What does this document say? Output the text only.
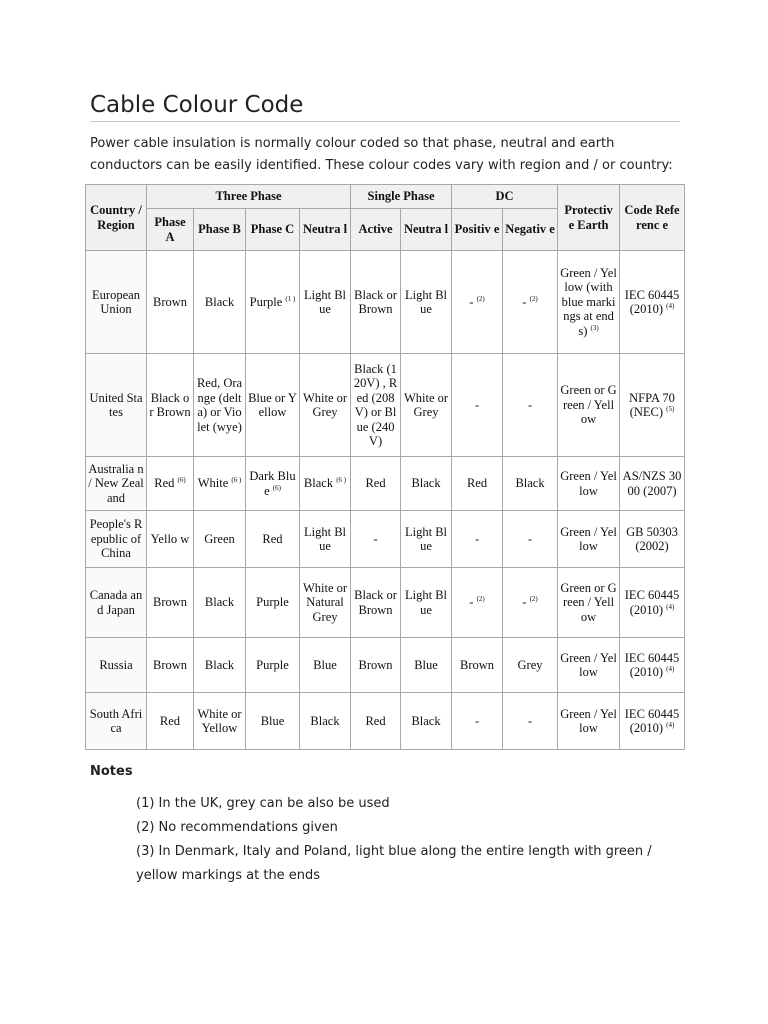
Cable Colour Code

Power cable insulation is normally colour coded so that phase, neutral and earth conductors can be easily identified. These colour codes vary with region and / or country:

Country / Region	Three Phase				Single Phase		DC		Protectiv e Earth	Code Referenc e
	Phase A	Phase B	Phase C	Neutra l	Active	Neutra l	Positiv e	Negativ e		
European Union	Brown	Black	Purple $^{(1 )}$	Light Blue	Black or Brown	Light Blue	- $^{(2)}$	- $^{(2)}$	Green / Yellow (with blue markings at ends) $^{(3)}$	IEC 60445 (2010) $^{(4)}$
United States	Black or Brown	Red, Orange (delta) or Violet (wye)	Blue or Yellow	White or Grey	Black (120V) , Red (208V) or Blue (240V)	White or Grey	-	-	Green or Green / Yellow	NFPA 70 (NEC) $^{(5)}$
Australia n / New Zealand	Red $^{(6)}$	White $^{(6 )}$	Dark Blue $^{(6)}$	Black $^{(6 )}$	Red	Black	Red	Black	Green / Yellow	AS/NZS 3000 (2007)
People's Republic of China	Yello w	Green	Red	Light Blue	-	Light Blue	-	-	Green / Yellow	GB 50303 (2002)
Canada and Japan	Brown	Black	Purple	White or Natural Grey	Black or Brown	Light Blue	- $^{(2)}$	- $^{(2)}$	Green or Green / Yellow	IEC 60445 (2010) $^{(4)}$
Russia	Brown	Black	Purple	Blue	Brown	Blue	Brown	Grey	Green / Yellow	IEC 60445 (2010) $^{(4)}$
South Africa	Red	White or Yellow	Blue	Black	Red	Black	-	-	Green / Yellow	IEC 60445 (2010) $^{(4)}$
Notes
(1) In the UK, grey can be also be used
(2) No recommendations given
(3) In Denmark, Italy and Poland, light blue along the entire length with green / yellow markings at the ends
